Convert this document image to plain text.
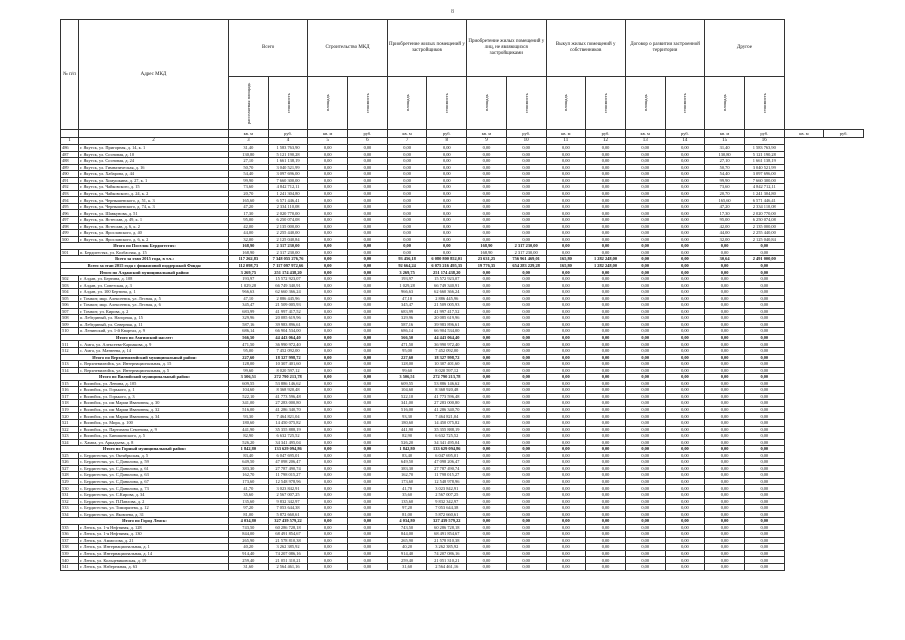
8
№ п/п	Адрес МКД	Всего		Строительство МКД		Приобретение жилых помещений у застройщиков		Приобретение жилых помещений у лиц, не являющихся застройщиками		Выкуп жилых помещений у собственников		Договор о развитии застроенной территории		Другое			

		расселяемая площадь	стоимость	площадь	стоимость	площадь	стоимость	площадь	стоимость	площадь	стоимость	площадь	стоимость	площадь	стоимость		

		кв. м	руб.	кв. м	руб.	кв. м	руб.	кв. м	руб.	кв. м	руб.	кв. м	руб.	кв. м	руб.	кв. м	руб.
1	2	3	4	5	6	7	8	9	10	11	12	13	14	15	16		
486	г. Якутск, ул. Пригорная, д. 14, к. 1	31,40	1 583 763,90	0,00	0,00	0,00	0,00	0,00	0,00	0,00	0,00	0,00	0,00	31,40	1 583 763,90		
487	г. Якутск, ул. Сосновая, д. 10	130,80	5 121 190,28	0,00	0,00	0,00	0,00	0,00	0,00	0,00	0,00	0,00	0,00	130,80	5 121 190,28		
488	г. Якутск, ул. Сосновая, д. 24	27,10	1 661 138,19	0,00	0,00	0,00	0,00	0,00	0,00	0,00	0,00	0,00	0,00	27,10	1 661 138,19		
489	г. Якутск, ул. Гимназическая, д. 16	50,70	3 040 521,99	0,00	0,00	0,00	0,00	0,00	0,00	0,00	0,00	0,00	0,00	50,70	3 040 521,99		
490	г. Якутск, ул. Хабарова, д. 44	54,40	3 097 696,00	0,00	0,00	0,00	0,00	0,00	0,00	0,00	0,00	0,00	0,00	54,40	3 097 696,00		
491	г. Якутск, ул. Хомушкина, д. 27, к. 1	99,90	7 660 300,00	0,00	0,00	0,00	0,00	0,00	0,00	0,00	0,00	0,00	0,00	99,90	7 660 300,00		
492	г. Якутск, ул. Чайковского, д. 15	73,60	4 842 712,11	0,00	0,00	0,00	0,00	0,00	0,00	0,00	0,00	0,00	0,00	73,60	4 842 712,11		
493	г. Якутск, ул. Чайковского, д. 24, к. 2	20,70	1 241 304,80	0,00	0,00	0,00	0,00	0,00	0,00	0,00	0,00	0,00	0,00	20,70	1 241 304,80		
494	г. Якутск, ул. Чернышевского, д. 51, к. 3	165,60	6 571 446,41	0,00	0,00	0,00	0,00	0,00	0,00	0,00	0,00	0,00	0,00	165,60	6 571 446,41		
495	г. Якутск, ул. Чернышевского, д. 74, к. 3	47,20	2 334 110,08	0,00	0,00	0,00	0,00	0,00	0,00	0,00	0,00	0,00	0,00	47,20	2 334 110,08		
496	г. Якутск, ул. Шавкунова, д. 51	17,30	2 020 770,00	0,00	0,00	0,00	0,00	0,00	0,00	0,00	0,00	0,00	0,00	17,30	2 020 770,00		
497	г. Якутск, ул. Ястеслав, д. 49, к. 1	95,00	6 250 074,08	0,00	0,00	0,00	0,00	0,00	0,00	0,00	0,00	0,00	0,00	95,00	6 250 074,08		
498	г. Якутск, ул. Ястеслав, д. 6, к. 2	42,00	2 135 000,00	0,00	0,00	0,00	0,00	0,00	0,00	0,00	0,00	0,00	0,00	42,00	2 135 000,00		
499	г. Якутск, ул. Ярославского, д. 40	44,00	2 255 440,00	0,00	0,00	0,00	0,00	0,00	0,00	0,00	0,00	0,00	0,00	44,00	2 255 440,00		
500	г. Якутск, ул. Ярославского, д. 6, к. 2	32,00	2 125 040,84	0,00	0,00	0,00	0,00	0,00	0,00	0,00	0,00	0,00	0,00	32,00	2 125 040,84		
Итого по Поселок Бердигестях:		168,90	2 317 230,00	0,00	0,00	0,00	0,00	168,90	2 317 230,00	0,00	0,00	0,00	0,00	0,00	0,00		
501	п. Бердигестях, ул. Колбасная, д. 15	168,90	2 317 230,00	0,00	0,00	0,00	0,00	168,90	2 317 230,00	0,00	0,00	0,00	0,00	0,00	0,00		
Всего за этап 2015 года, в т.ч.:		117 262,83	7 348 055 276,76	0,00	0,00	93 456,18	6 080 800 852,01	23 631,25	756 961 469,01	165,80	1 282 248,00	0,00	0,00	30,64	2 491 000,00		
Всего за этап 2015 года с финансовой поддержкой Фонда:		112 098,73	7 117 097 972,66	0,00	0,00	92 664,24	6 075 216 495,35	19 776,35	654 283 229,28	165,80	1 282 248,00	0,00	0,00	0,00	0,00		
Итого по Алданский муниципальный район:		3 269,75	251 174 438,20	0,00	0,00	3 269,75	251 174 438,20	0,00	0,00	0,00	0,00	0,00	0,00	0,00	0,00		
502	г. Алдан, ул. Бертина, д. 108	193,97	15 572 923,07	0,00	0,00	193,97	15 572 923,07	0,00	0,00	0,00	0,00	0,00	0,00	0,00	0,00		
503	г. Алдан, ул. Советская, д. 3	1 029,28	66 749 340,91	0,00	0,00	1 029,28	66 749 340,91	0,00	0,00	0,00	0,00	0,00	0,00	0,00	0,00		
504	г. Алдан, ул. 100 Бертина, д. 1	966,63	62 660 366,24	0,00	0,00	966,63	62 660 366,24	0,00	0,00	0,00	0,00	0,00	0,00	0,00	0,00		
505	г. Томмот, мкр. Алексеевск, ул. Лесная, д. 5	47,10	2 886 445,96	0,00	0,00	47,10	2 886 445,96	0,00	0,00	0,00	0,00	0,00	0,00	0,00	0,00		
506	г. Томмот, мкр. Алексеевск, ул. Лесная, д. 6	345,47	21 509 005,93	0,00	0,00	345,47	21 509 005,93	0,00	0,00	0,00	0,00	0,00	0,00	0,00	0,00		
507	г. Томмот, ул. Кирова, д. 2	683,99	41 997 417,52	0,00	0,00	683,99	41 997 417,52	0,00	0,00	0,00	0,00	0,00	0,00	0,00	0,00		
508	п. Лебединый, ул. Нагорная, д. 15	329,96	20 085 619,96	0,00	0,00	329,96	20 085 619,96	0,00	0,00	0,00	0,00	0,00	0,00	0,00	0,00		
509	п. Лебединый, ул. Северная, д. 11	587,16	39 983 896,61	0,00	0,00	587,16	39 983 896,61	0,00	0,00	0,00	0,00	0,00	0,00	0,00	0,00		
510	п. Ленинский, ул. 1-й Квартал, д. 9	686,14	66 904 534,00	0,00	0,00	686,14	66 904 534,00	0,00	0,00	0,00	0,00	0,00	0,00	0,00	0,00		
Итого по Амгинский наслег:		566,50	44 443 064,40	0,00	0,00	566,50	44 443 064,40	0,00	0,00	0,00	0,00	0,00	0,00	0,00	0,00		
511	с. Амга, ул. Алексеева-Карпакова, д. 9	471,50	36 990 972,40	0,00	0,00	471,50	36 990 972,40	0,00	0,00	0,00	0,00	0,00	0,00	0,00	0,00		
512	с. Амга, ул. Матвеева, д. 14	95,00	7 452 092,00	0,00	0,00	95,00	7 452 092,00	0,00	0,00	0,00	0,00	0,00	0,00	0,00	0,00		
Итого по Верхневилюйский муниципальный район:		227,60	18 327 998,72	0,00	0,00	227,60	18 327 998,72	0,00	0,00	0,00	0,00	0,00	0,00	0,00	0,00		
513	с. Верхневилюйск, ул. Интернациональная, д. 15	128,00	10 307 401,60	0,00	0,00	128,00	10 307 401,60	0,00	0,00	0,00	0,00	0,00	0,00	0,00	0,00		
514	с. Верхневилюйск, ул. Интернациональная, д. 5	99,60	8 020 597,12	0,00	0,00	99,60	8 020 597,12	0,00	0,00	0,00	0,00	0,00	0,00	0,00	0,00		
Итого по Вилюйский муниципальный район:		3 506,51	272 790 213,78	0,00	0,00	3 506,51	272 790 213,78	0,00	0,00	0,00	0,00	0,00	0,00	0,00	0,00		
515	г. Вилюйск, ул. Ленина, д. 105	609,55	53 886 146,62	0,00	0,00	609,55	53 886 146,62	0,00	0,00	0,00	0,00	0,00	0,00	0,00	0,00		
516	г. Вилюйск, ул. Горького, д. 1	104,60	8 368 920,48	0,00	0,00	104,60	8 368 920,48	0,00	0,00	0,00	0,00	0,00	0,00	0,00	0,00		
517	г. Вилюйск, ул. Горького, д. 3	522,10	41 773 596,48	0,00	0,00	522,10	41 773 596,48	0,00	0,00	0,00	0,00	0,00	0,00	0,00	0,00		
518	г. Вилюйск, ул. им Марии Ивановны, д. 30	341,00	27 283 000,80	0,00	0,00	341,00	27 283 000,80	0,00	0,00	0,00	0,00	0,00	0,00	0,00	0,00		
519	г. Вилюйск, ул. им Марии Ивановны, д. 32	516,00	41 286 340,70	0,00	0,00	516,00	41 286 340,70	0,00	0,00	0,00	0,00	0,00	0,00	0,00	0,00		
520	г. Вилюйск, ул. им Марии Ивановны, д. 34	93,30	7 464 821,04	0,00	0,00	93,30	7 464 821,04	0,00	0,00	0,00	0,00	0,00	0,00	0,00	0,00		
521	г. Вилюйск, ул. Мира, д. 100	180,60	14 450 075,82	0,00	0,00	180,60	14 450 075,82	0,00	0,00	0,00	0,00	0,00	0,00	0,00	0,00		
522	г. Вилюйск, ул. Партизана Семенова, д. 9	441,90	35 355 888,19	0,00	0,00	441,90	35 355 888,19	0,00	0,00	0,00	0,00	0,00	0,00	0,00	0,00		
523	г. Вилюйск, ул. Бинишевского, д. 5	82,90	6 632 725,52	0,00	0,00	82,90	6 632 725,52	0,00	0,00	0,00	0,00	0,00	0,00	0,00	0,00		
524	с. Хампа, ул. Аркадьева, д. 8	526,20	34 341 495,04	0,00	0,00	526,20	34 341 495,04	0,00	0,00	0,00	0,00	0,00	0,00	0,00	0,00		
Итого по Горный муниципальный район:		1 842,80	133 629 094,86	0,00	0,00	1 842,80	133 629 094,86	0,00	0,00	0,00	0,00	0,00	0,00	0,00	0,00		
525	с. Бердигестях, ул. Октябрьская, д. 5	83,40	6 047 695,01	0,00	0,00	83,40	6 047 695,01	0,00	0,00	0,00	0,00	0,00	0,00	0,00	0,00		
526	с. Бердигестях, ул. С.Данилова, д. 59	649,50	47 098 206,47	0,00	0,00	649,50	47 098 206,47	0,00	0,00	0,00	0,00	0,00	0,00	0,00	0,00		
527	с. Бердигестях, ул. С.Данилова, д. 61	383,30	27 787 490,74	0,00	0,00	383,30	27 787 490,74	0,00	0,00	0,00	0,00	0,00	0,00	0,00	0,00		
528	с. Бердигестях, ул. С.Данилова, д. 63	162,70	11 798 015,27	0,00	0,00	162,70	11 798 015,27	0,00	0,00	0,00	0,00	0,00	0,00	0,00	0,00		
529	с. Бердигестях, ул. С.Данилова, д. 67	173,60	12 548 978,96	0,00	0,00	173,60	12 548 978,96	0,00	0,00	0,00	0,00	0,00	0,00	0,00	0,00		
530	с. Бердигестях, ул. С.Данилова, д. 73	41,70	3 023 842,91	0,00	0,00	41,70	3 023 842,91	0,00	0,00	0,00	0,00	0,00	0,00	0,00	0,00		
531	с. Бердигестях, ул. С.Кирова, д. 34	35,60	2 567 007,25	0,00	0,00	35,60	2 567 007,25	0,00	0,00	0,00	0,00	0,00	0,00	0,00	0,00		
532	с. Бердигестях, ул. П.Павлова, д. 2	135,60	9 832 342,97	0,00	0,00	135,60	9 832 342,97	0,00	0,00	0,00	0,00	0,00	0,00	0,00	0,00		
533	с. Бердигестях, ул. Тимирязева, д. 12	97,20	7 053 644,38	0,00	0,00	97,20	7 053 644,38	0,00	0,00	0,00	0,00	0,00	0,00	0,00	0,00		
534	с. Бердигестях, ул. Яковлева, д. 31	81,00	5 872 660,61	0,00	0,00	81,00	5 872 660,61	0,00	0,00	0,00	0,00	0,00	0,00	0,00	0,00		
Итого по Город Ленск:		4 034,80	327 439 579,22	0,00	0,00	4 034,80	327 439 579,22	0,00	0,00	0,00	0,00	0,00	0,00	0,00	0,00		
535	г. Ленск, ул. 1-я Нефтяная, д. 128	743,50	60 286 728,18	0,00	0,00	743,50	60 286 728,18	0,00	0,00	0,00	0,00	0,00	0,00	0,00	0,00		
536	г. Ленск, ул. 1-я Нефтяная, д. 130	844,00	68 491 854,67	0,00	0,00	844,00	68 491 854,67	0,00	0,00	0,00	0,00	0,00	0,00	0,00	0,00		
537	г. Ленск, ул. Аммосова, д. 21	265,90	21 578 810,38	0,00	0,00	265,90	21 578 810,38	0,00	0,00	0,00	0,00	0,00	0,00	0,00	0,00		
538	г. Ленск, ул. Интернациональная, д. 1	40,20	3 262 385,92	0,00	0,00	40,20	3 262 385,92	0,00	0,00	0,00	0,00	0,00	0,00	0,00	0,00		
539	г. Ленск, ул. Интернациональная, д. 14	914,40	74 207 086,16	0,00	0,00	914,40	74 207 086,16	0,00	0,00	0,00	0,00	0,00	0,00	0,00	0,00		
540	г. Ленск, ул. Кольцевиковская, д. 19	259,40	21 051 310,21	0,00	0,00	259,40	21 051 310,21	0,00	0,00	0,00	0,00	0,00	0,00	0,00	0,00		
541	г. Ленск, ул. Набережная, д. 63	31,60	2 564 461,16	0,00	0,00	31,60	2 564 461,16	0,00	0,00	0,00	0,00	0,00	0,00	0,00	0,00		
